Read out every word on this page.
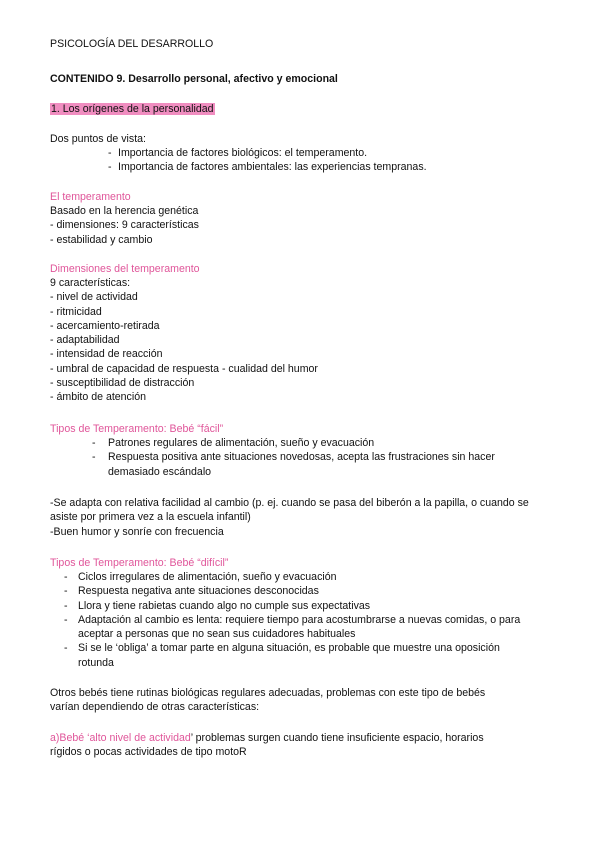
PSICOLOGÍA DEL DESARROLLO
CONTENIDO 9. Desarrollo personal, afectivo y emocional
1. Los orígenes de la personalidad
Dos puntos de vista:
- Importancia de factores biológicos: el temperamento.
- Importancia de factores ambientales: las experiencias tempranas.
El temperamento
Basado en la herencia genética
- dimensiones: 9 características
- estabilidad y cambio
Dimensiones del temperamento
9 características:
- nivel de actividad
- ritmicidad
- acercamiento-retirada
- adaptabilidad
- intensidad de reacción
- umbral de capacidad de respuesta - cualidad del humor
- susceptibilidad de distracción
- ámbito de atención
Tipos de Temperamento: Bebé “fácil”
- Patrones regulares de alimentación, sueño y evacuación
- Respuesta positiva ante situaciones novedosas, acepta las frustraciones sin hacer
demasiado escándalo
-Se adapta con relativa facilidad al cambio (p. ej. cuando se pasa del biberón a la papilla, o cuando se
asiste por primera vez a la escuela infantil)
-Buen humor y sonríe con frecuencia
Tipos de Temperamento: Bebé “difícil”
- Ciclos irregulares de alimentación, sueño y evacuación
- Respuesta negativa ante situaciones desconocidas
- Llora y tiene rabietas cuando algo no cumple sus expectativas
- Adaptación al cambio es lenta: requiere tiempo para acostumbrarse a nuevas comidas, o para
aceptar a personas que no sean sus cuidadores habituales
- Si se le ‘obliga’ a tomar parte en alguna situación, es probable que muestre una oposición
rotunda
Otros bebés tiene rutinas biológicas regulares adecuadas, problemas con este tipo de bebés
varían dependiendo de otras características:
a)Bebé ‘alto nivel de actividad’ problemas surgen cuando tiene insuficiente espacio, horarios
rígidos o pocas actividades de tipo motoR
